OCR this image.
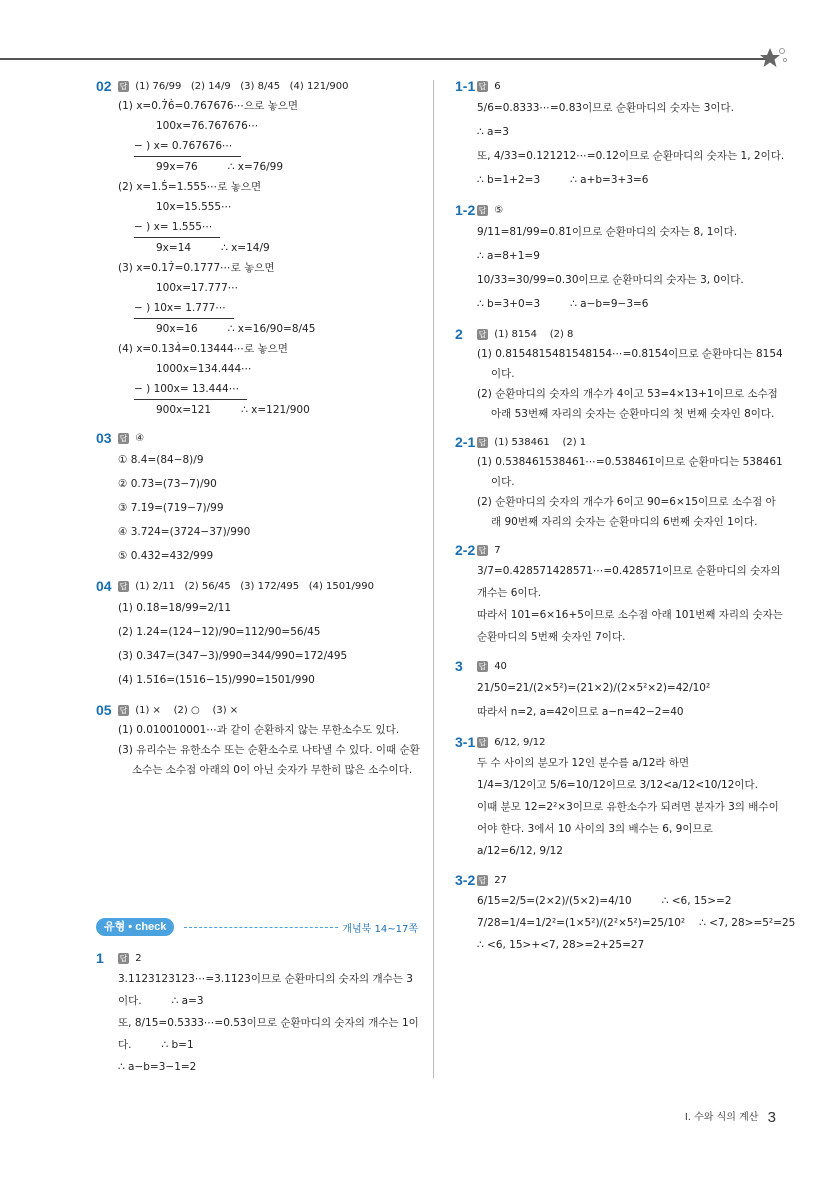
02	답 (1) 76/99 (2) 14/9 (3) 8/45 (4) 121/900
(1) x=0.7̇6̇=0.767676⋯으로 놓으면
100x=76.767676⋯
− ) x= 0.767676⋯
99x=76	∴ x=76/99
(2) x=1.5̇=1.555⋯로 놓으면
10x=15.555⋯
− ) x= 1.555⋯
9x=14	∴ x=14/9
(3) x=0.17̇=0.1777⋯로 놓으면
100x=17.777⋯
− ) 10x= 1.777⋯
90x=16	∴ x=16/90=8/45
(4) x=0.134̇=0.13444⋯로 놓으면
1000x=134.444⋯
− ) 100x= 13.444⋯
900x=121	∴ x=121/900
03	답 ④
① 8.4̇=(84−8)/9
② 0.73̇=(73−7)/90
③ 7.1̇9̇=(719−7)/99
④ 3.72̇4̇=(3724−37)/990
⑤ 0.43̇2̇=432/999
04	답 (1) 2/11 (2) 56/45 (3) 172/495 (4) 1501/990
(1) 0.1̇8̇=18/99=2/11
(2) 1.24̇=(124−12)/90=112/90=56/45
(3) 0.34̇7̇=(347−3)/990=344/990=172/495
(4) 1.51̇6̇=(1516−15)/990=1501/990
05	답 (1) × (2) ○ (3) ×
(1) 0.010010001⋯과 같이 순환하지 않는 무한소수도 있다.
(3) 유리수는 유한소수 또는 순환소수로 나타낼 수 있다. 이때 순환소수는 소수점 아래의 0이 아닌 숫자가 무한히 많은 소수이다.
유형 • check	개념북 14~17쪽
1	답 2
3.1123123123⋯=3.11̇23̇이므로 순환마디의 숫자의 개수는 3이다.	∴ a=3
또, 8/15=0.5333⋯=0.53̇이므로 순환마디의 숫자의 개수는 1이다.	∴ b=1
∴ a−b=3−1=2
1-1 답 6
5/6=0.8333⋯=0.83̇이므로 순환마디의 숫자는 3이다.
∴ a=3
또, 4/33=0.121212⋯=0.1̇2̇이므로 순환마디의 숫자는 1, 2이다.
∴ b=1+2=3	∴ a+b=3+3=6
1-2 답 ⑤
9/11=81/99=0.8̇1̇이므로 순환마디의 숫자는 8, 1이다.
∴ a=8+1=9
10/33=30/99=0.3̇0̇이므로 순환마디의 숫자는 3, 0이다.
∴ b=3+0=3	∴ a−b=9−3=6
2	답 (1) 8154 (2) 8
(1) 0.8154815481548154⋯=0.8̇15̇4̇이므로 순환마디는 8154이다.
(2) 순환마디의 숫자의 개수가 4이고 53=4×13+1이므로 소수점 아래 53번째 자리의 숫자는 순환마디의 첫 번째 숫자인 8이다.
2-1 답 (1) 538461 (2) 1
(1) 0.538461538461⋯=0.5̇38461̇이므로 순환마디는 538461이다.
(2) 순환마디의 숫자의 개수가 6이고 90=6×15이므로 소수점 아래 90번째 자리의 숫자는 순환마디의 6번째 숫자인 1이다.
2-2 답 7
3/7=0.428571428571⋯=0.4̇28571̇이므로 순환마디의 숫자의 개수는 6이다.
따라서 101=6×16+5이므로 소수점 아래 101번째 자리의 숫자는 순환마디의 5번째 숫자인 7이다.
3	답 40
21/50=21/(2×5²)=(21×2)/(2×5²×2)=42/10²
따라서 n=2, a=42이므로 a−n=42−2=40
3-1 답 6/12, 9/12
두 수 사이의 분모가 12인 분수를 a/12라 하면
1/4=3/12이고 5/6=10/12이므로 3/12<a/12<10/12이다.
이때 분모 12=2²×3이므로 유한소수가 되려면 분자가 3의 배수이어야 한다. 3에서 10 사이의 3의 배수는 6, 9이므로
a/12=6/12, 9/12
3-2 답 27
6/15=2/5=(2×2)/(5×2)=4/10	∴ <6, 15>=2
7/28=1/4=1/2²=(1×5²)/(2²×5²)=25/10² ∴ <7, 28>=5²=25
∴ <6, 15>+<7, 28>=2+25=27
Ⅰ. 수와 식의 계산 3
